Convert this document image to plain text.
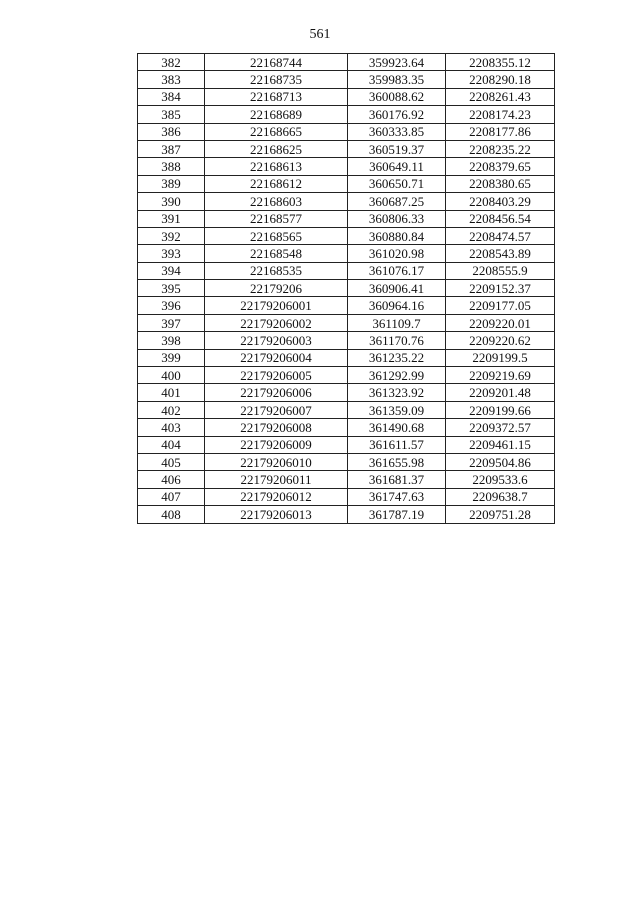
561
382	22168744	359923.64	2208355.12
383	22168735	359983.35	2208290.18
384	22168713	360088.62	2208261.43
385	22168689	360176.92	2208174.23
386	22168665	360333.85	2208177.86
387	22168625	360519.37	2208235.22
388	22168613	360649.11	2208379.65
389	22168612	360650.71	2208380.65
390	22168603	360687.25	2208403.29
391	22168577	360806.33	2208456.54
392	22168565	360880.84	2208474.57
393	22168548	361020.98	2208543.89
394	22168535	361076.17	2208555.9
395	22179206	360906.41	2209152.37
396	22179206001	360964.16	2209177.05
397	22179206002	361109.7	2209220.01
398	22179206003	361170.76	2209220.62
399	22179206004	361235.22	2209199.5
400	22179206005	361292.99	2209219.69
401	22179206006	361323.92	2209201.48
402	22179206007	361359.09	2209199.66
403	22179206008	361490.68	2209372.57
404	22179206009	361611.57	2209461.15
405	22179206010	361655.98	2209504.86
406	22179206011	361681.37	2209533.6
407	22179206012	361747.63	2209638.7
408	22179206013	361787.19	2209751.28
